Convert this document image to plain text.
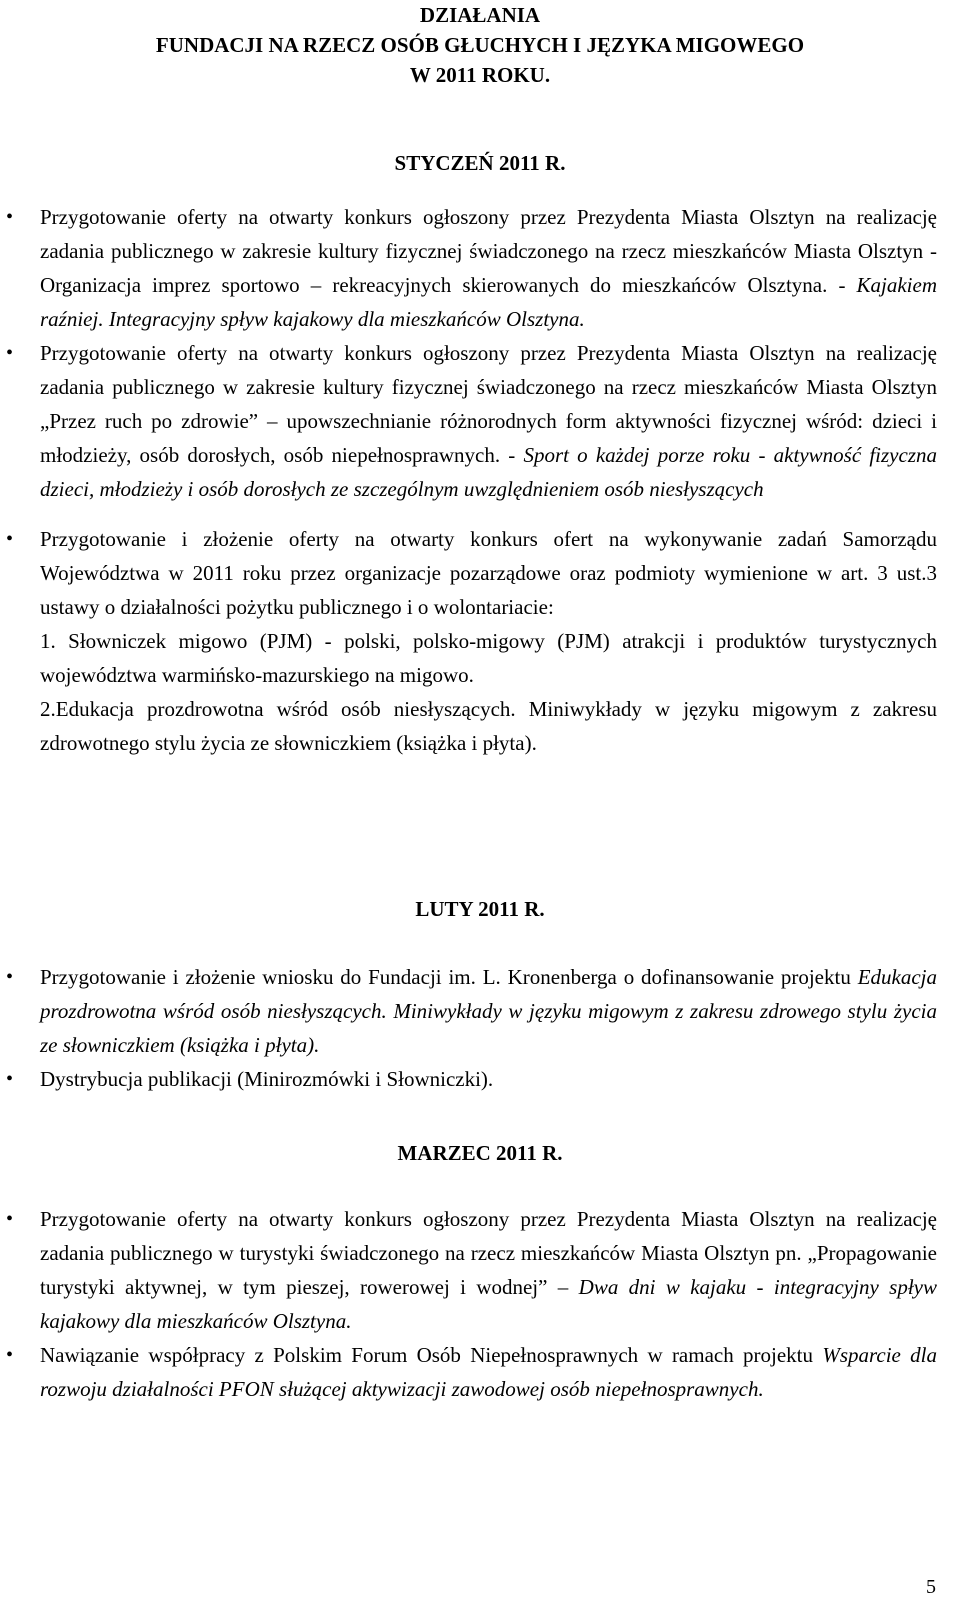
DZIAŁANIA
FUNDACJI NA RZECZ OSÓB GŁUCHYCH I JĘZYKA MIGOWEGO
W 2011 ROKU.
STYCZEŃ 2011 R.
• Przygotowanie oferty na otwarty konkurs ogłoszony przez Prezydenta Miasta Olsztyn na realizację zadania publicznego w zakresie kultury fizycznej świadczonego na rzecz mieszkańców Miasta Olsztyn - Organizacja imprez sportowo – rekreacyjnych skierowanych do mieszkańców Olsztyna. - Kajakiem raźniej. Integracyjny spływ kajakowy dla mieszkańców Olsztyna.
• Przygotowanie oferty na otwarty konkurs ogłoszony przez Prezydenta Miasta Olsztyn na realizację zadania publicznego w zakresie kultury fizycznej świadczonego na rzecz mieszkańców Miasta Olsztyn „Przez ruch po zdrowie” – upowszechnianie różnorodnych form aktywności fizycznej wśród: dzieci i młodzieży, osób dorosłych, osób niepełnosprawnych. - Sport o każdej porze roku - aktywność fizyczna dzieci, młodzieży i osób dorosłych ze szczególnym uwzględnieniem osób niesłyszących
• Przygotowanie i złożenie oferty na otwarty konkurs ofert na wykonywanie zadań Samorządu Województwa w 2011 roku przez organizacje pozarządowe oraz podmioty wymienione w art. 3 ust.3 ustawy o działalności pożytku publicznego i o wolontariacie:
1. Słowniczek migowo (PJM) - polski, polsko-migowy (PJM) atrakcji i produktów turystycznych województwa warmińsko-mazurskiego na migowo.
2.Edukacja prozdrowotna wśród osób niesłyszących. Miniwykłady w języku migowym z zakresu zdrowotnego stylu życia ze słowniczkiem (książka i płyta).
LUTY 2011 R.
• Przygotowanie i złożenie wniosku do Fundacji im. L. Kronenberga o dofinansowanie projektu Edukacja prozdrowotna wśród osób niesłyszących. Miniwykłady w języku migowym z zakresu zdrowego stylu życia ze słowniczkiem (książka i płyta).
• Dystrybucja publikacji (Minirozmówki i Słowniczki).
MARZEC 2011 R.
• Przygotowanie oferty na otwarty konkurs ogłoszony przez Prezydenta Miasta Olsztyn na realizację zadania publicznego w turystyki świadczonego na rzecz mieszkańców Miasta Olsztyn pn. „Propagowanie turystyki aktywnej, w tym pieszej, rowerowej i wodnej” – Dwa dni w kajaku - integracyjny spływ kajakowy dla mieszkańców Olsztyna.
• Nawiązanie współpracy z Polskim Forum Osób Niepełnosprawnych w ramach projektu Wsparcie dla rozwoju działalności PFON służącej aktywizacji zawodowej osób niepełnosprawnych.
5
